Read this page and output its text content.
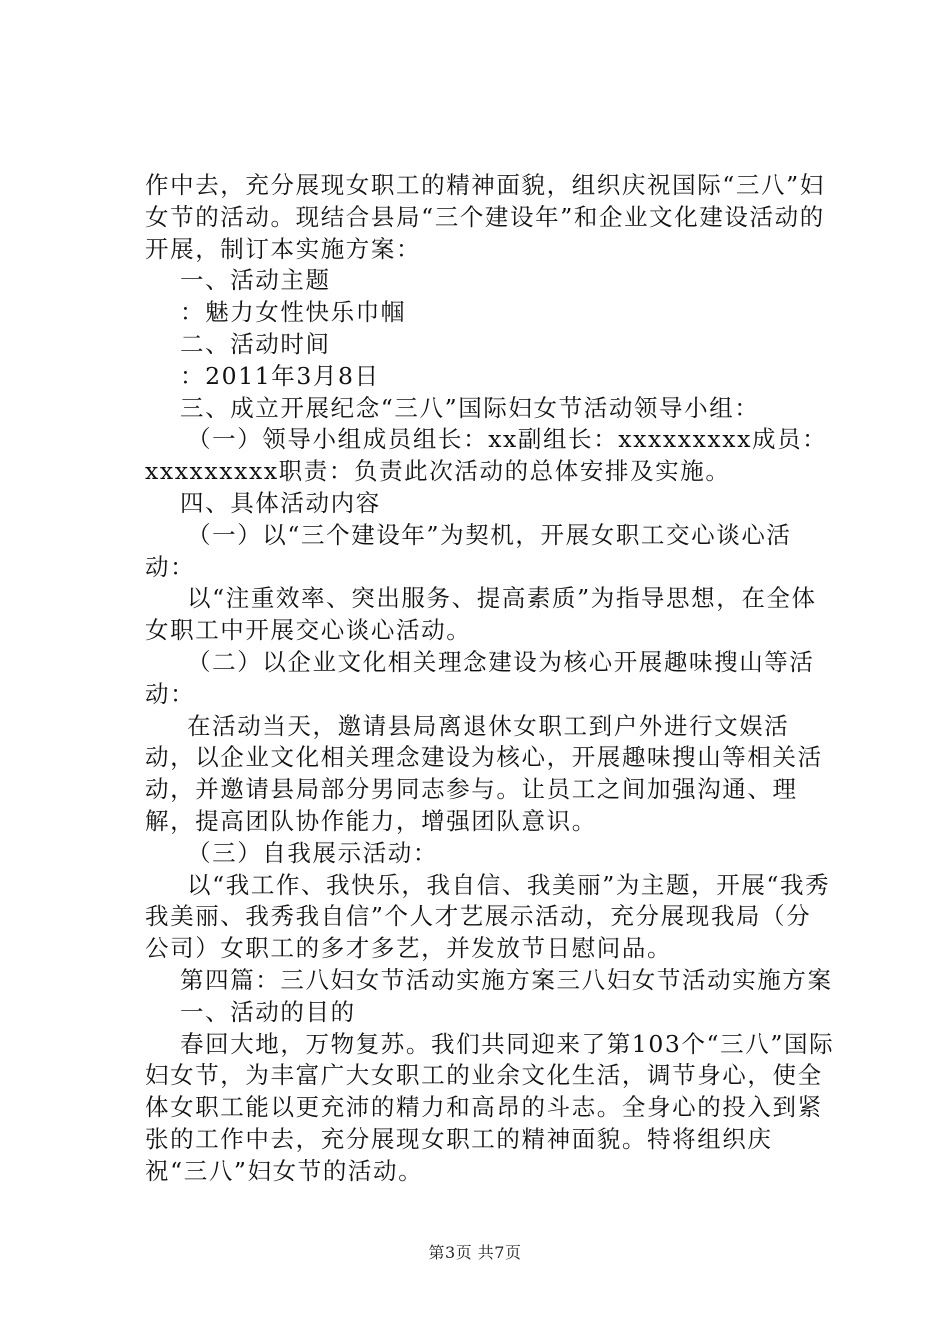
作中去，充分展现女职工的精神面貌，组织庆祝国际“三八”妇女节的活动。现结合县局“三个建设年”和企业文化建设活动的开展，制订本实施方案：

一、活动主题

：魅力女性快乐巾帼

二、活动时间

：2011年3月8日

三、成立开展纪念“三八”国际妇女节活动领导小组：

（一）领导小组成员组长：xx副组长：xxxxxxxxx成员：xxxxxxxxx职责：负责此次活动的总体安排及实施。

四、具体活动内容

（一）以“三个建设年”为契机，开展女职工交心谈心活动：

以“注重效率、突出服务、提高素质”为指导思想，在全体女职工中开展交心谈心活动。

（二）以企业文化相关理念建设为核心开展趣味搜山等活动：

在活动当天，邀请县局离退休女职工到户外进行文娱活动，以企业文化相关理念建设为核心，开展趣味搜山等相关活动，并邀请县局部分男同志参与。让员工之间加强沟通、理解，提高团队协作能力，增强团队意识。

（三）自我展示活动：

以“我工作、我快乐，我自信、我美丽”为主题，开展“我秀我美丽、我秀我自信”个人才艺展示活动，充分展现我局（分公司）女职工的多才多艺，并发放节日慰问品。

第四篇：三八妇女节活动实施方案三八妇女节活动实施方案

一、活动的目的

春回大地，万物复苏。我们共同迎来了第103个“三八”国际妇女节，为丰富广大女职工的业余文化生活，调节身心，使全体女职工能以更充沛的精力和高昂的斗志。全身心的投入到紧张的工作中去，充分展现女职工的精神面貌。特将组织庆祝“三八”妇女节的活动。

第3页 共7页
